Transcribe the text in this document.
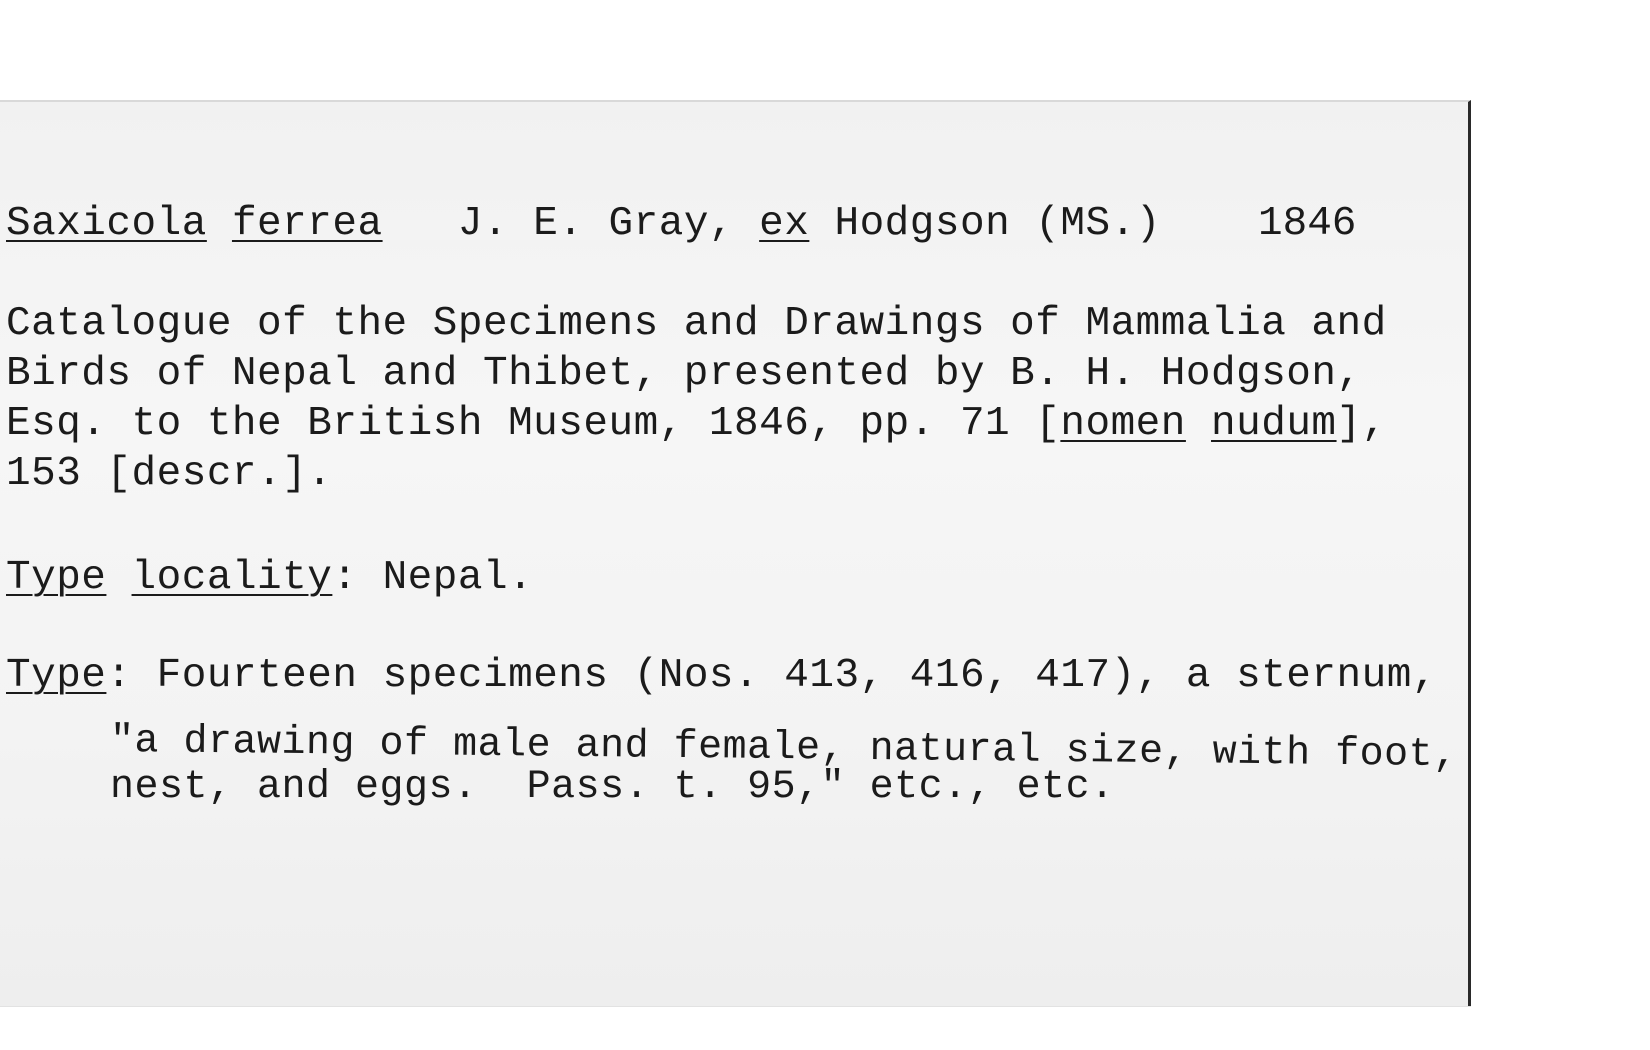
Saxicola ferrea J. E. Gray, ex Hodgson (MS.) 1846
Catalogue of the Specimens and Drawings of Mammalia and
Birds of Nepal and Thibet, presented by B. H. Hodgson,
Esq. to the British Museum, 1846, pp. 71 [nomen nudum],
153 [descr.].
Type locality: Nepal.
Type: Fourteen specimens (Nos. 413, 416, 417), a sternum,
"a drawing of male and female, natural size, with foot,
nest, and eggs.  Pass. t. 95," etc., etc.
